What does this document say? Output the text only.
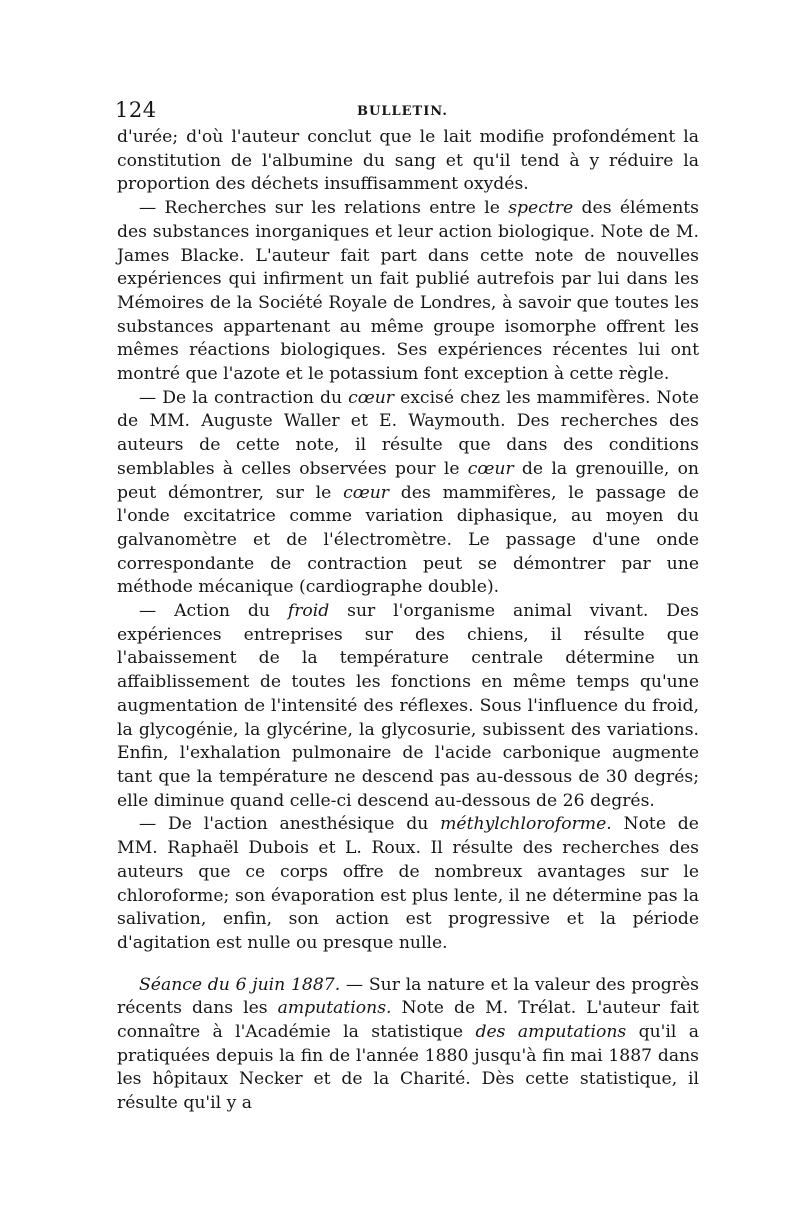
124	BULLETIN.

d'urée; d'où l'auteur conclut que le lait modifie profondément la constitution de l'albumine du sang et qu'il tend à y réduire la proportion des déchets insuffisamment oxydés.

— Recherches sur les relations entre le spectre des éléments des substances inorganiques et leur action biologique. Note de M. James Blacke. L'auteur fait part dans cette note de nouvelles expériences qui infirment un fait publié autrefois par lui dans les Mémoires de la Société Royale de Londres, à savoir que toutes les substances appartenant au même groupe isomorphe offrent les mêmes réactions biologiques. Ses expériences récentes lui ont montré que l'azote et le potassium font exception à cette règle.

— De la contraction du cœur excisé chez les mammifères. Note de MM. Auguste Waller et E. Waymouth. Des recherches des auteurs de cette note, il résulte que dans des conditions semblables à celles observées pour le cœur de la grenouille, on peut démontrer, sur le cœur des mammifères, le passage de l'onde excitatrice comme variation diphasique, au moyen du galvanomètre et de l'électromètre. Le passage d'une onde correspondante de contraction peut se démontrer par une méthode mécanique (cardiographe double).

— Action du froid sur l'organisme animal vivant. Des expériences entreprises sur des chiens, il résulte que l'abaissement de la température centrale détermine un affaiblissement de toutes les fonctions en même temps qu'une augmentation de l'intensité des réflexes. Sous l'influence du froid, la glycogénie, la glycérine, la glycosurie, subissent des variations. Enfin, l'exhalation pulmonaire de l'acide carbonique augmente tant que la température ne descend pas au-dessous de 30 degrés; elle diminue quand celle-ci descend au-dessous de 26 degrés.

— De l'action anesthésique du méthylchloroforme. Note de MM. Raphaël Dubois et L. Roux. Il résulte des recherches des auteurs que ce corps offre de nombreux avantages sur le chloroforme; son évaporation est plus lente, il ne détermine pas la salivation, enfin, son action est progressive et la période d'agitation est nulle ou presque nulle.

Séance du 6 juin 1887. — Sur la nature et la valeur des progrès récents dans les amputations. Note de M. Trélat. L'auteur fait connaître à l'Académie la statistique des amputations qu'il a pratiquées depuis la fin de l'année 1880 jusqu'à fin mai 1887 dans les hôpitaux Necker et de la Charité. Dès cette statistique, il résulte qu'il y a
